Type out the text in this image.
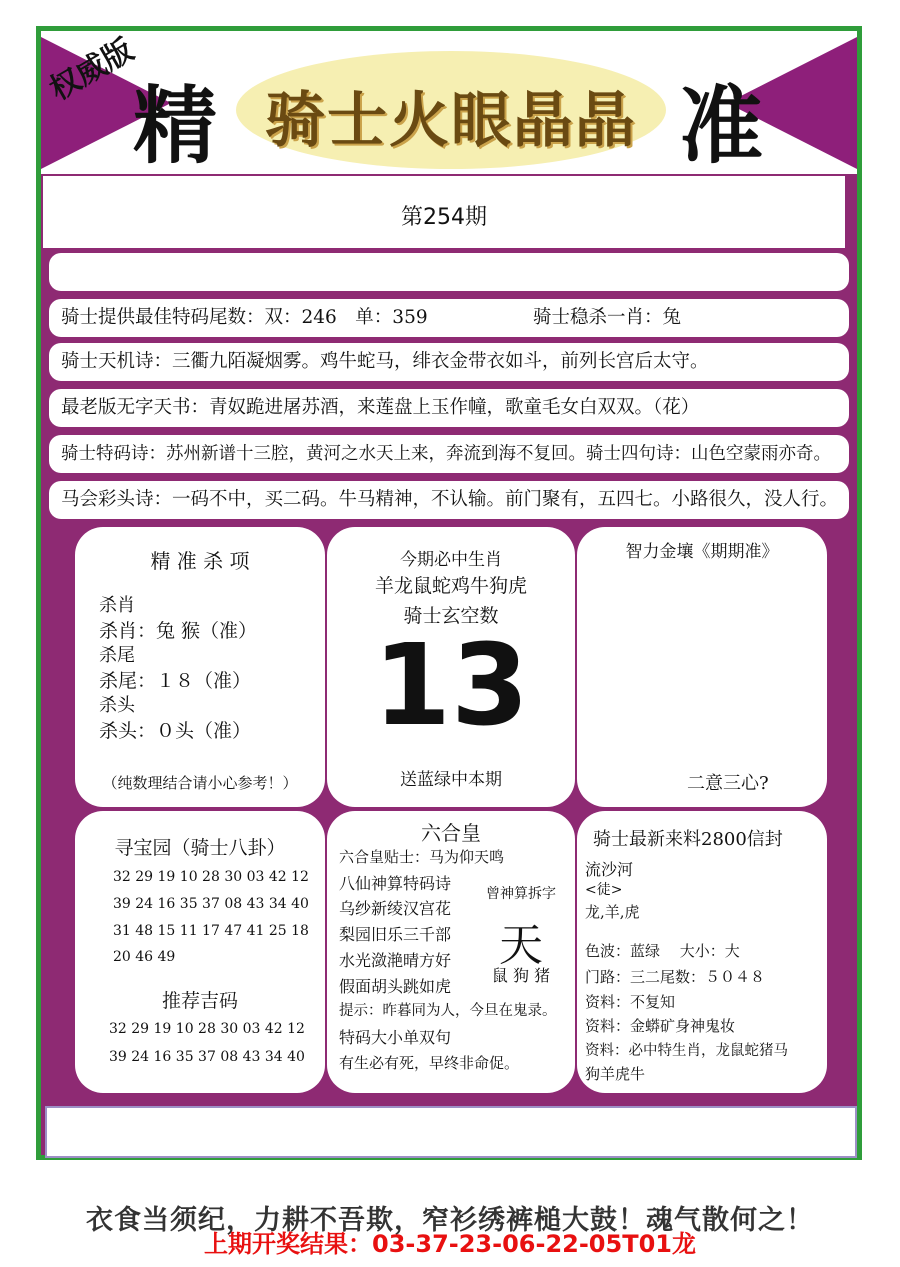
权威版
精 骑士火眼晶晶 准
第254期
骑士提供最佳特码尾数：双：246　单：359	骑士稳杀一肖：兔
骑士天机诗：三衢九陌凝烟雾。鸡牛蛇马，绯衣金带衣如斗，前列长宫后太守。
最老版无字天书：青奴跪进屠苏酒，来莲盘上玉作幢，歌童毛女白双双。（花）
骑士特码诗：苏州新谱十三腔，黄河之水天上来，奔流到海不复回。骑士四句诗：山色空蒙雨亦奇。
马会彩头诗：一码不中，买二码。牛马精神，不认输。前门聚有，五四七。小路很久，没人行。
精 准 杀 项
杀肖
杀肖：兔 猴（准）
杀尾
杀尾：１８（准）
杀头
杀头：０头（准）
（纯数理结合请小心参考！）
今期必中生肖
羊龙鼠蛇鸡牛狗虎
骑士玄空数
13
送蓝绿中本期
智力金壤《期期准》
二意三心?
寻宝园（骑士八卦）
32 29 19 10 28 30 03 42 12
39 24 16 35 37 08 43 34 40
31 48 15 11 17 47 41 25 18
20 46 49
推荐吉码
32 29 19 10 28 30 03 42 12
39 24 16 35 37 08 43 34 40
六合皇
六合皇贴士：马为仰天鸣
八仙神算特码诗
乌纱新绫汉宫花
梨园旧乐三千部
水光潋滟晴方好
假面胡头跳如虎
提示：昨暮同为人，今旦在鬼录。
特码大小单双句
有生必有死，早终非命促。
曾神算拆字
天
鼠 狗 猪
骑士最新来料2800信封
流沙河
<徒>
龙,羊,虎
色波：蓝绿　 大小：大
门路：三二尾数：５０４８
资料：不复知
资料：金蟒矿身神鬼妆
资料：必中特生肖，龙鼠蛇猪马
狗羊虎牛
衣食当须纪，力耕不吾欺，窄衫绣裤槌大鼓！魂气散何之！
上期开奖结果：03-37-23-06-22-05T01龙
